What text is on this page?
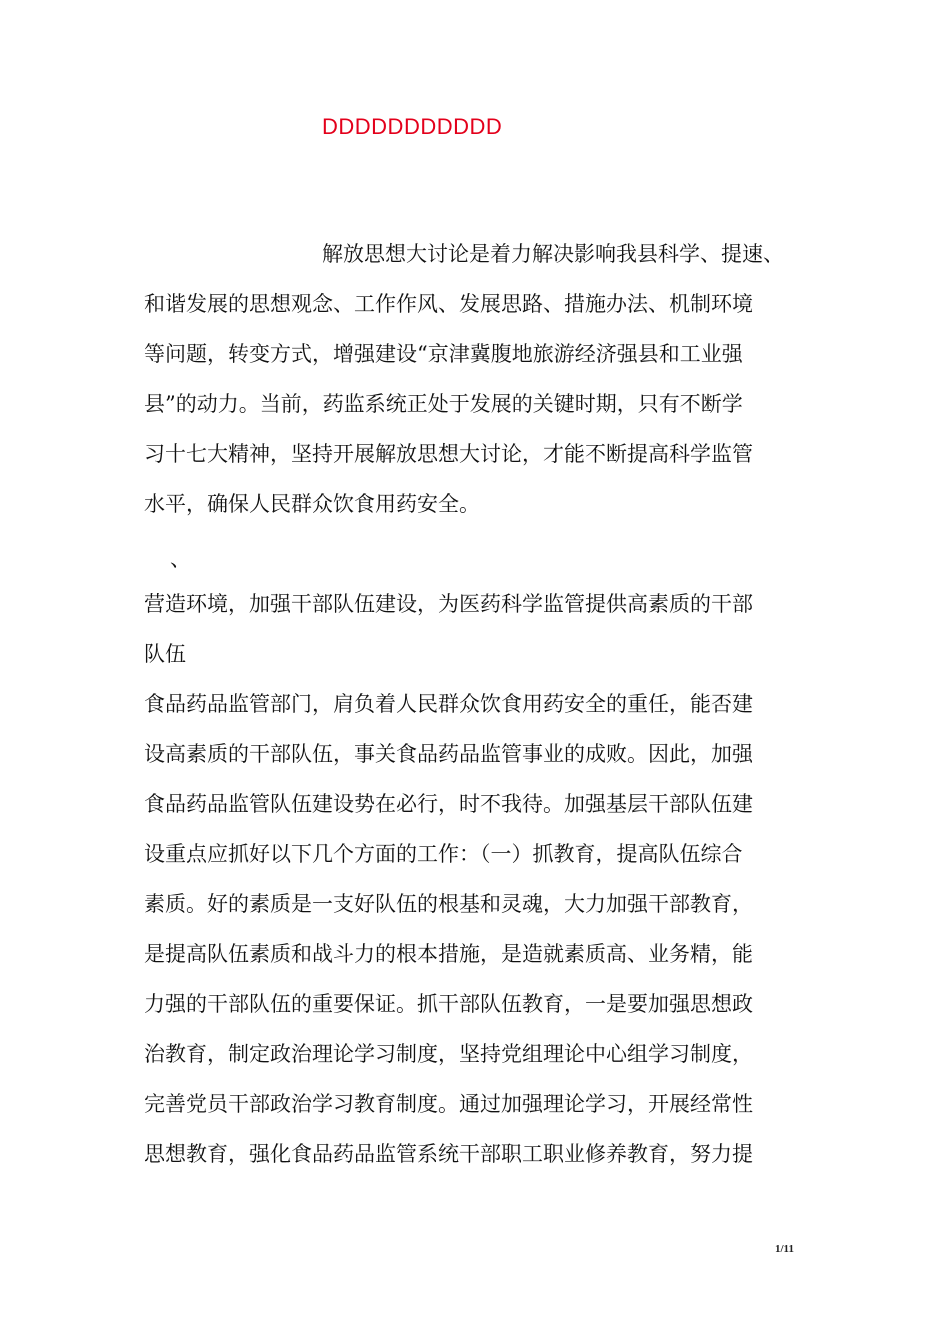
DDDDDDDDDDD
解放思想大讨论是着力解决影响我县科学、提速、
和谐发展的思想观念、工作作风、发展思路、措施办法、机制环境
等问题，转变方式，增强建设“京津冀腹地旅游经济强县和工业强
县”的动力。当前，药监系统正处于发展的关键时期，只有不断学
习十七大精神，坚持开展解放思想大讨论，才能不断提高科学监管
水平，确保人民群众饮食用药安全。
、
营造环境，加强干部队伍建设，为医药科学监管提供高素质的干部
队伍
食品药品监管部门，肩负着人民群众饮食用药安全的重任，能否建
设高素质的干部队伍，事关食品药品监管事业的成败。因此，加强
食品药品监管队伍建设势在必行，时不我待。加强基层干部队伍建
设重点应抓好以下几个方面的工作：（一）抓教育，提高队伍综合
素质。好的素质是一支好队伍的根基和灵魂，大力加强干部教育，
是提高队伍素质和战斗力的根本措施，是造就素质高、业务精，能
力强的干部队伍的重要保证。抓干部队伍教育，一是要加强思想政
治教育，制定政治理论学习制度，坚持党组理论中心组学习制度，
完善党员干部政治学习教育制度。通过加强理论学习，开展经常性
思想教育，强化食品药品监管系统干部职工职业修养教育，努力提
1/11
